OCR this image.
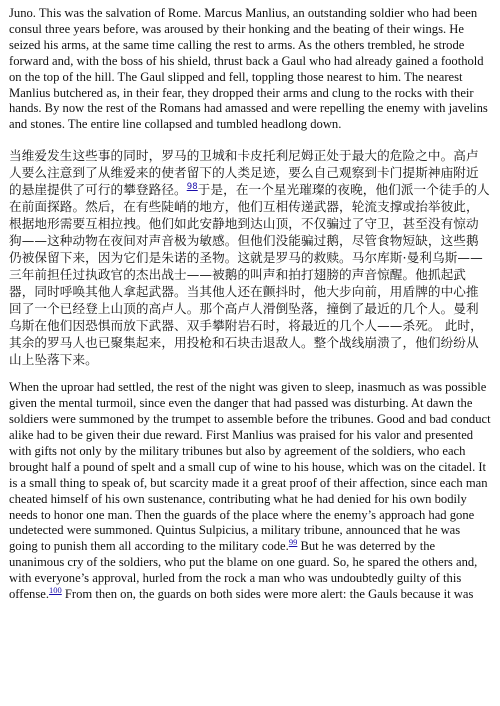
Juno. This was the salvation of Rome. Marcus Manlius, an outstanding soldier who had been consul three years before, was aroused by their honking and the beating of their wings. He seized his arms, at the same time calling the rest to arms. As the others trembled, he strode forward and, with the boss of his shield, thrust back a Gaul who had already gained a foothold on the top of the hill. The Gaul slipped and fell, toppling those nearest to him. The nearest Manlius butchered as, in their fear, they dropped their arms and clung to the rocks with their hands. By now the rest of the Romans had amassed and were repelling the enemy with javelins and stones. The entire line collapsed and tumbled headlong down.

当维爱发生这些事的同时，罗马的卫城和卡皮托利尼姆正处于最大的危险之中。高卢人要么注意到了从维爱来的使者留下的人类足迹，要么自己观察到卡门提斯神庙附近的悬崖提供了可行的攀登路径。$^{98}$于是，在一个星光璀璨的夜晚，他们派一个徒手的人在前面探路。然后，在有些陡峭的地方，他们互相传递武器，轮流支撑或抬举彼此，根据地形需要互相拉拽。他们如此安静地到达山顶，不仅骗过了守卫，甚至没有惊动狗——这种动物在夜间对声音极为敏感。但他们没能骗过鹅，尽管食物短缺，这些鹅仍被保留下来，因为它们是朱诺的圣物。这就是罗马的救赎。马尔库斯·曼利乌斯——三年前担任过执政官的杰出战士——被鹅的叫声和拍打翅膀的声音惊醒。他抓起武器，同时呼唤其他人拿起武器。当其他人还在颤抖时，他大步向前，用盾牌的中心推回了一个已经登上山顶的高卢人。那个高卢人滑倒坠落，撞倒了最近的几个人。曼利乌斯在他们因恐惧而放下武器、双手攀附岩石时，将最近的几个人——杀死。 此时，其余的罗马人也已聚集起来，用投枪和石块击退敌人。整个战线崩溃了，他们纷纷从山上坠落下来。

When the uproar had settled, the rest of the night was given to sleep, inasmuch as was possible given the mental turmoil, since even the danger that had passed was disturbing. At dawn the soldiers were summoned by the trumpet to assemble before the tribunes. Good and bad conduct alike had to be given their due reward. First Manlius was praised for his valor and presented with gifts not only by the military tribunes but also by agreement of the soldiers, who each brought half a pound of spelt and a small cup of wine to his house, which was on the citadel. It is a small thing to speak of, but scarcity made it a great proof of their affection, since each man cheated himself of his own sustenance, contributing what he had denied for his own bodily needs to honor one man. Then the guards of the place where the enemy’s approach had gone undetected were summoned. Quintus Sulpicius, a military tribune, announced that he was going to punish them all according to the military code.$^{99}$ But he was deterred by the unanimous cry of the soldiers, who put the blame on one guard. So, he spared the others and, with everyone’s approval, hurled from the rock a man who was undoubtedly guilty of this offense.$^{100}$ From then on, the guards on both sides were more alert: the Gauls because it was
